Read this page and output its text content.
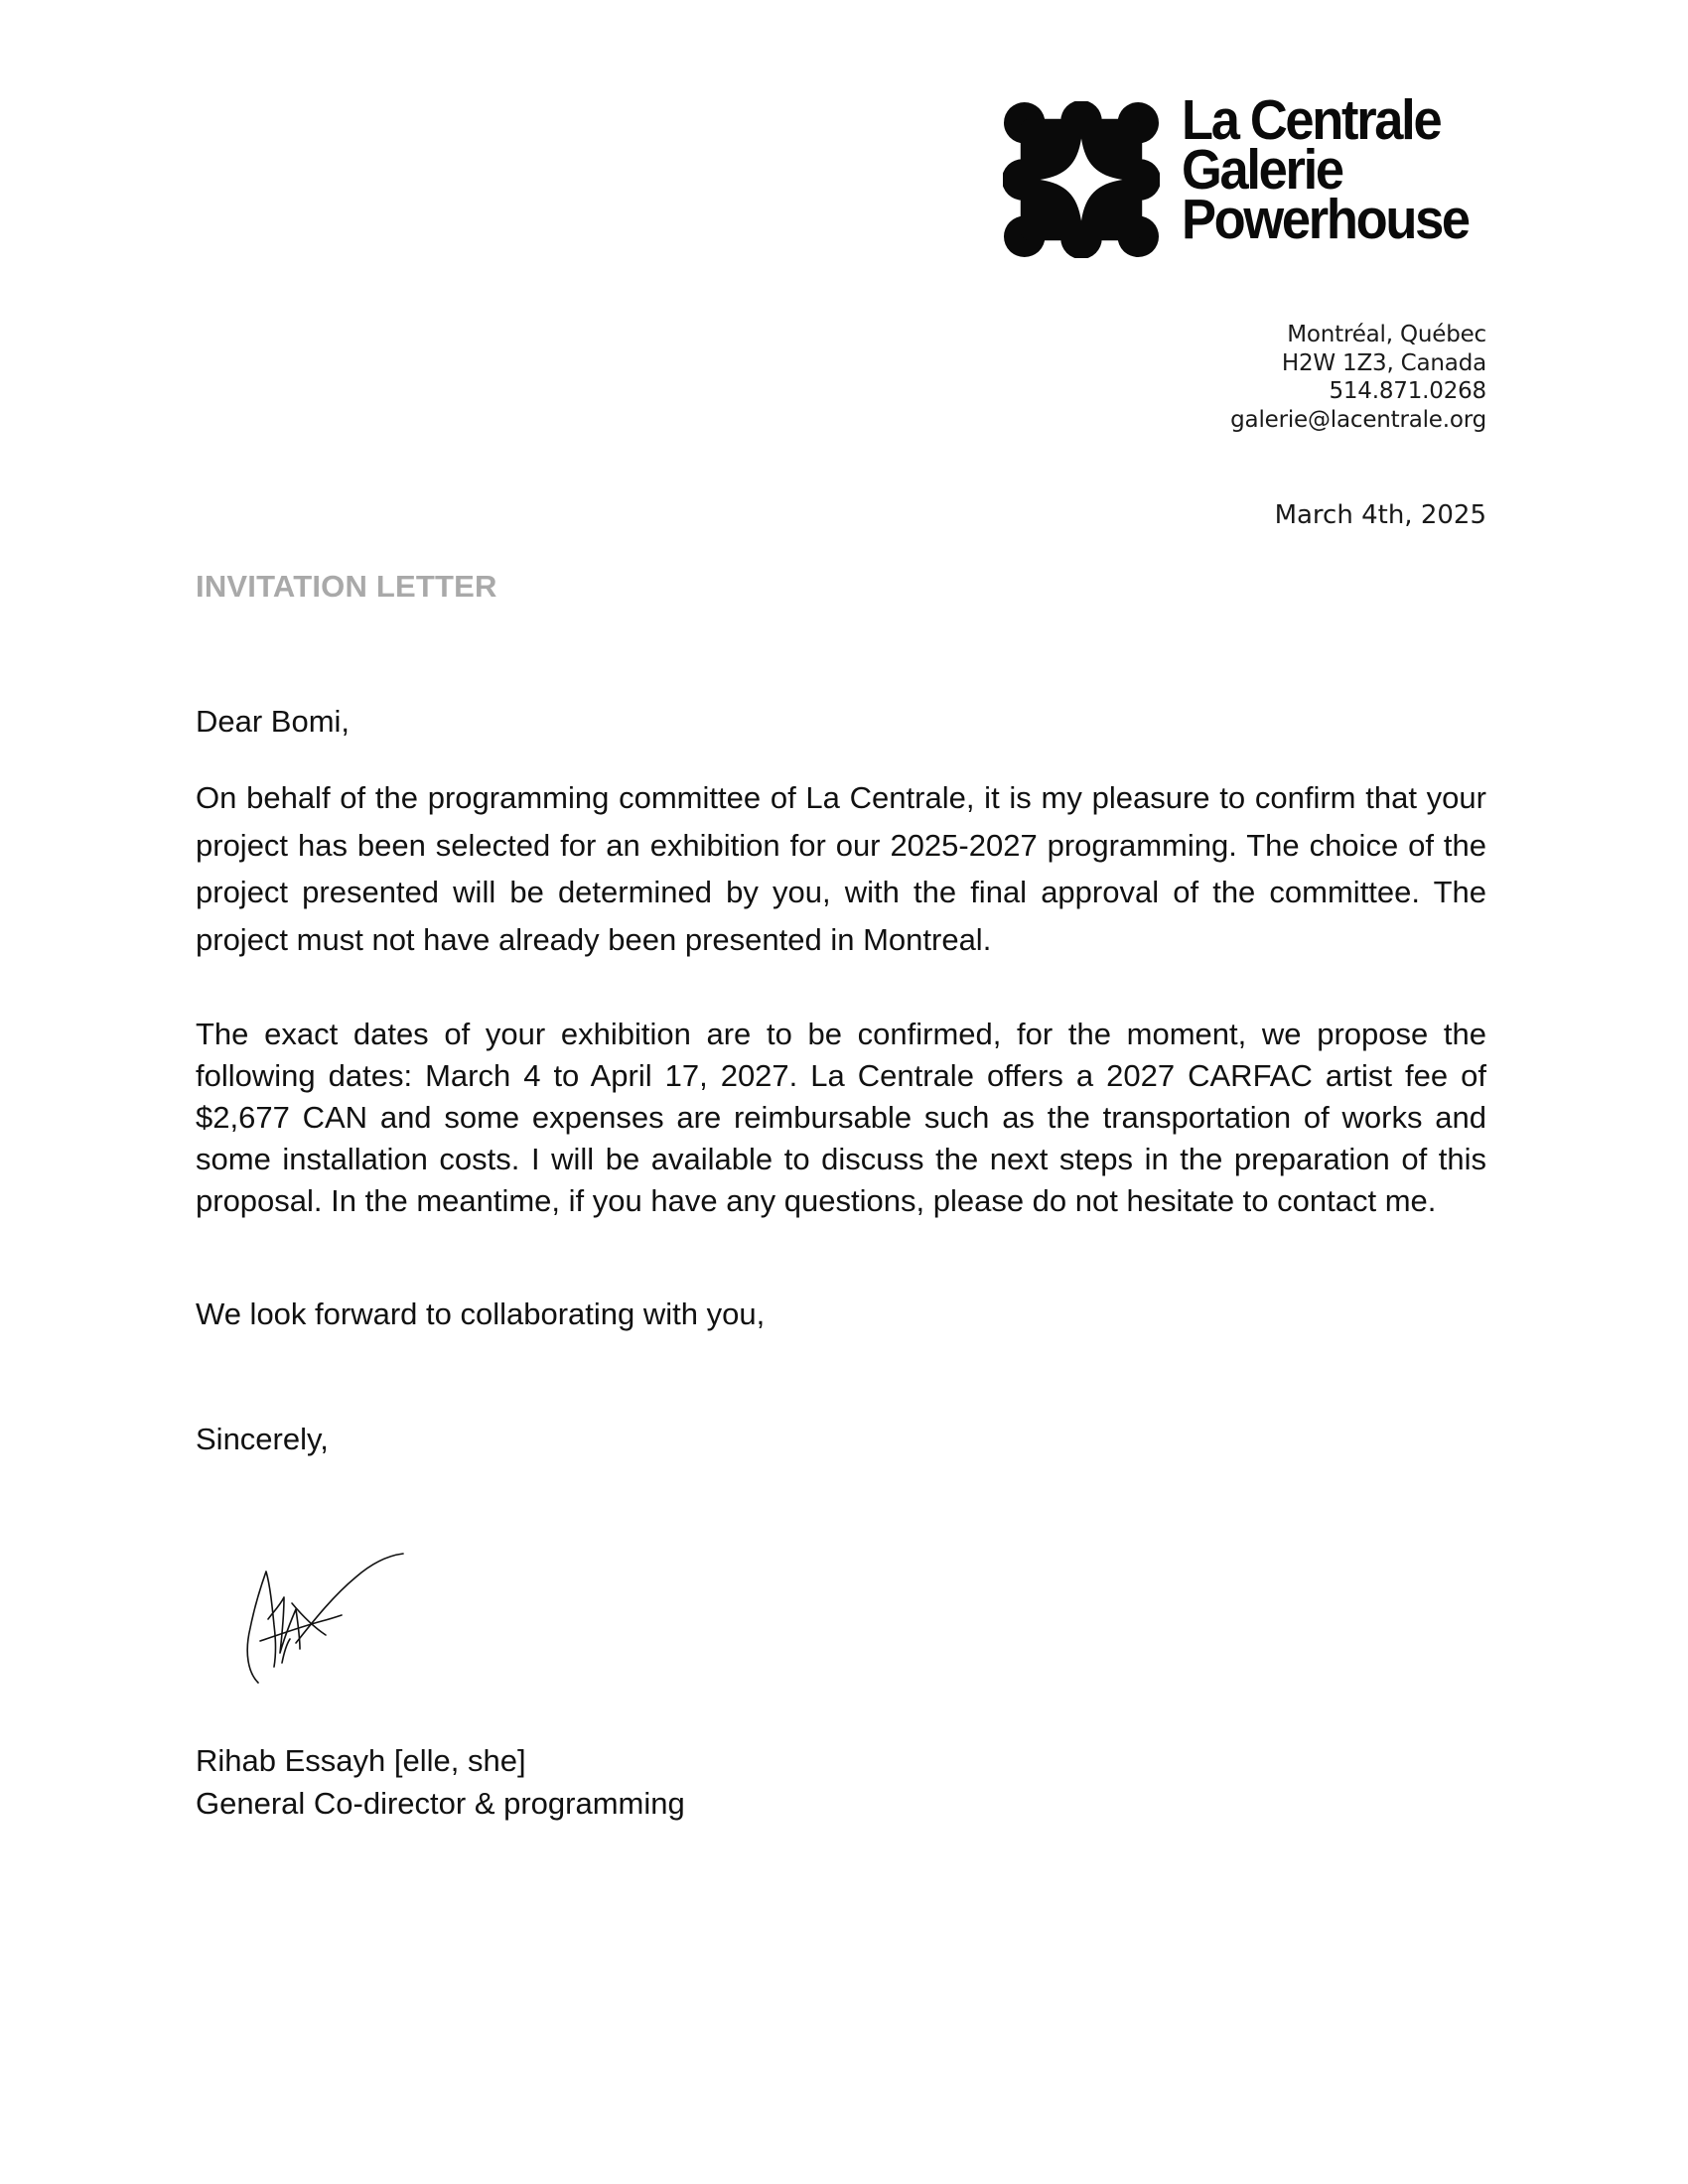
La Centrale
Galerie
Powerhouse
Montréal, Québec
H2W 1Z3, Canada
514.871.0268
galerie@lacentrale.org
March 4th, 2025
INVITATION LETTER
Dear Bomi,
On behalf of the programming committee of La Centrale, it is my pleasure to confirm that your project has been selected for an exhibition for our 2025-2027 programming. The choice of the project presented will be determined by you, with the final approval of the committee. The project must not have already been presented in Montreal.
The exact dates of your exhibition are to be confirmed, for the moment, we propose the following dates: March 4 to April 17, 2027. La Centrale offers a 2027 CARFAC artist fee of $2,677 CAN and some expenses are reimbursable such as the transportation of works and some installation costs. I will be available to discuss the next steps in the preparation of this proposal. In the meantime, if you have any questions, please do not hesitate to contact me.
We look forward to collaborating with you,
Sincerely,
Rihab Essayh [elle, she]
General Co-director & programming
